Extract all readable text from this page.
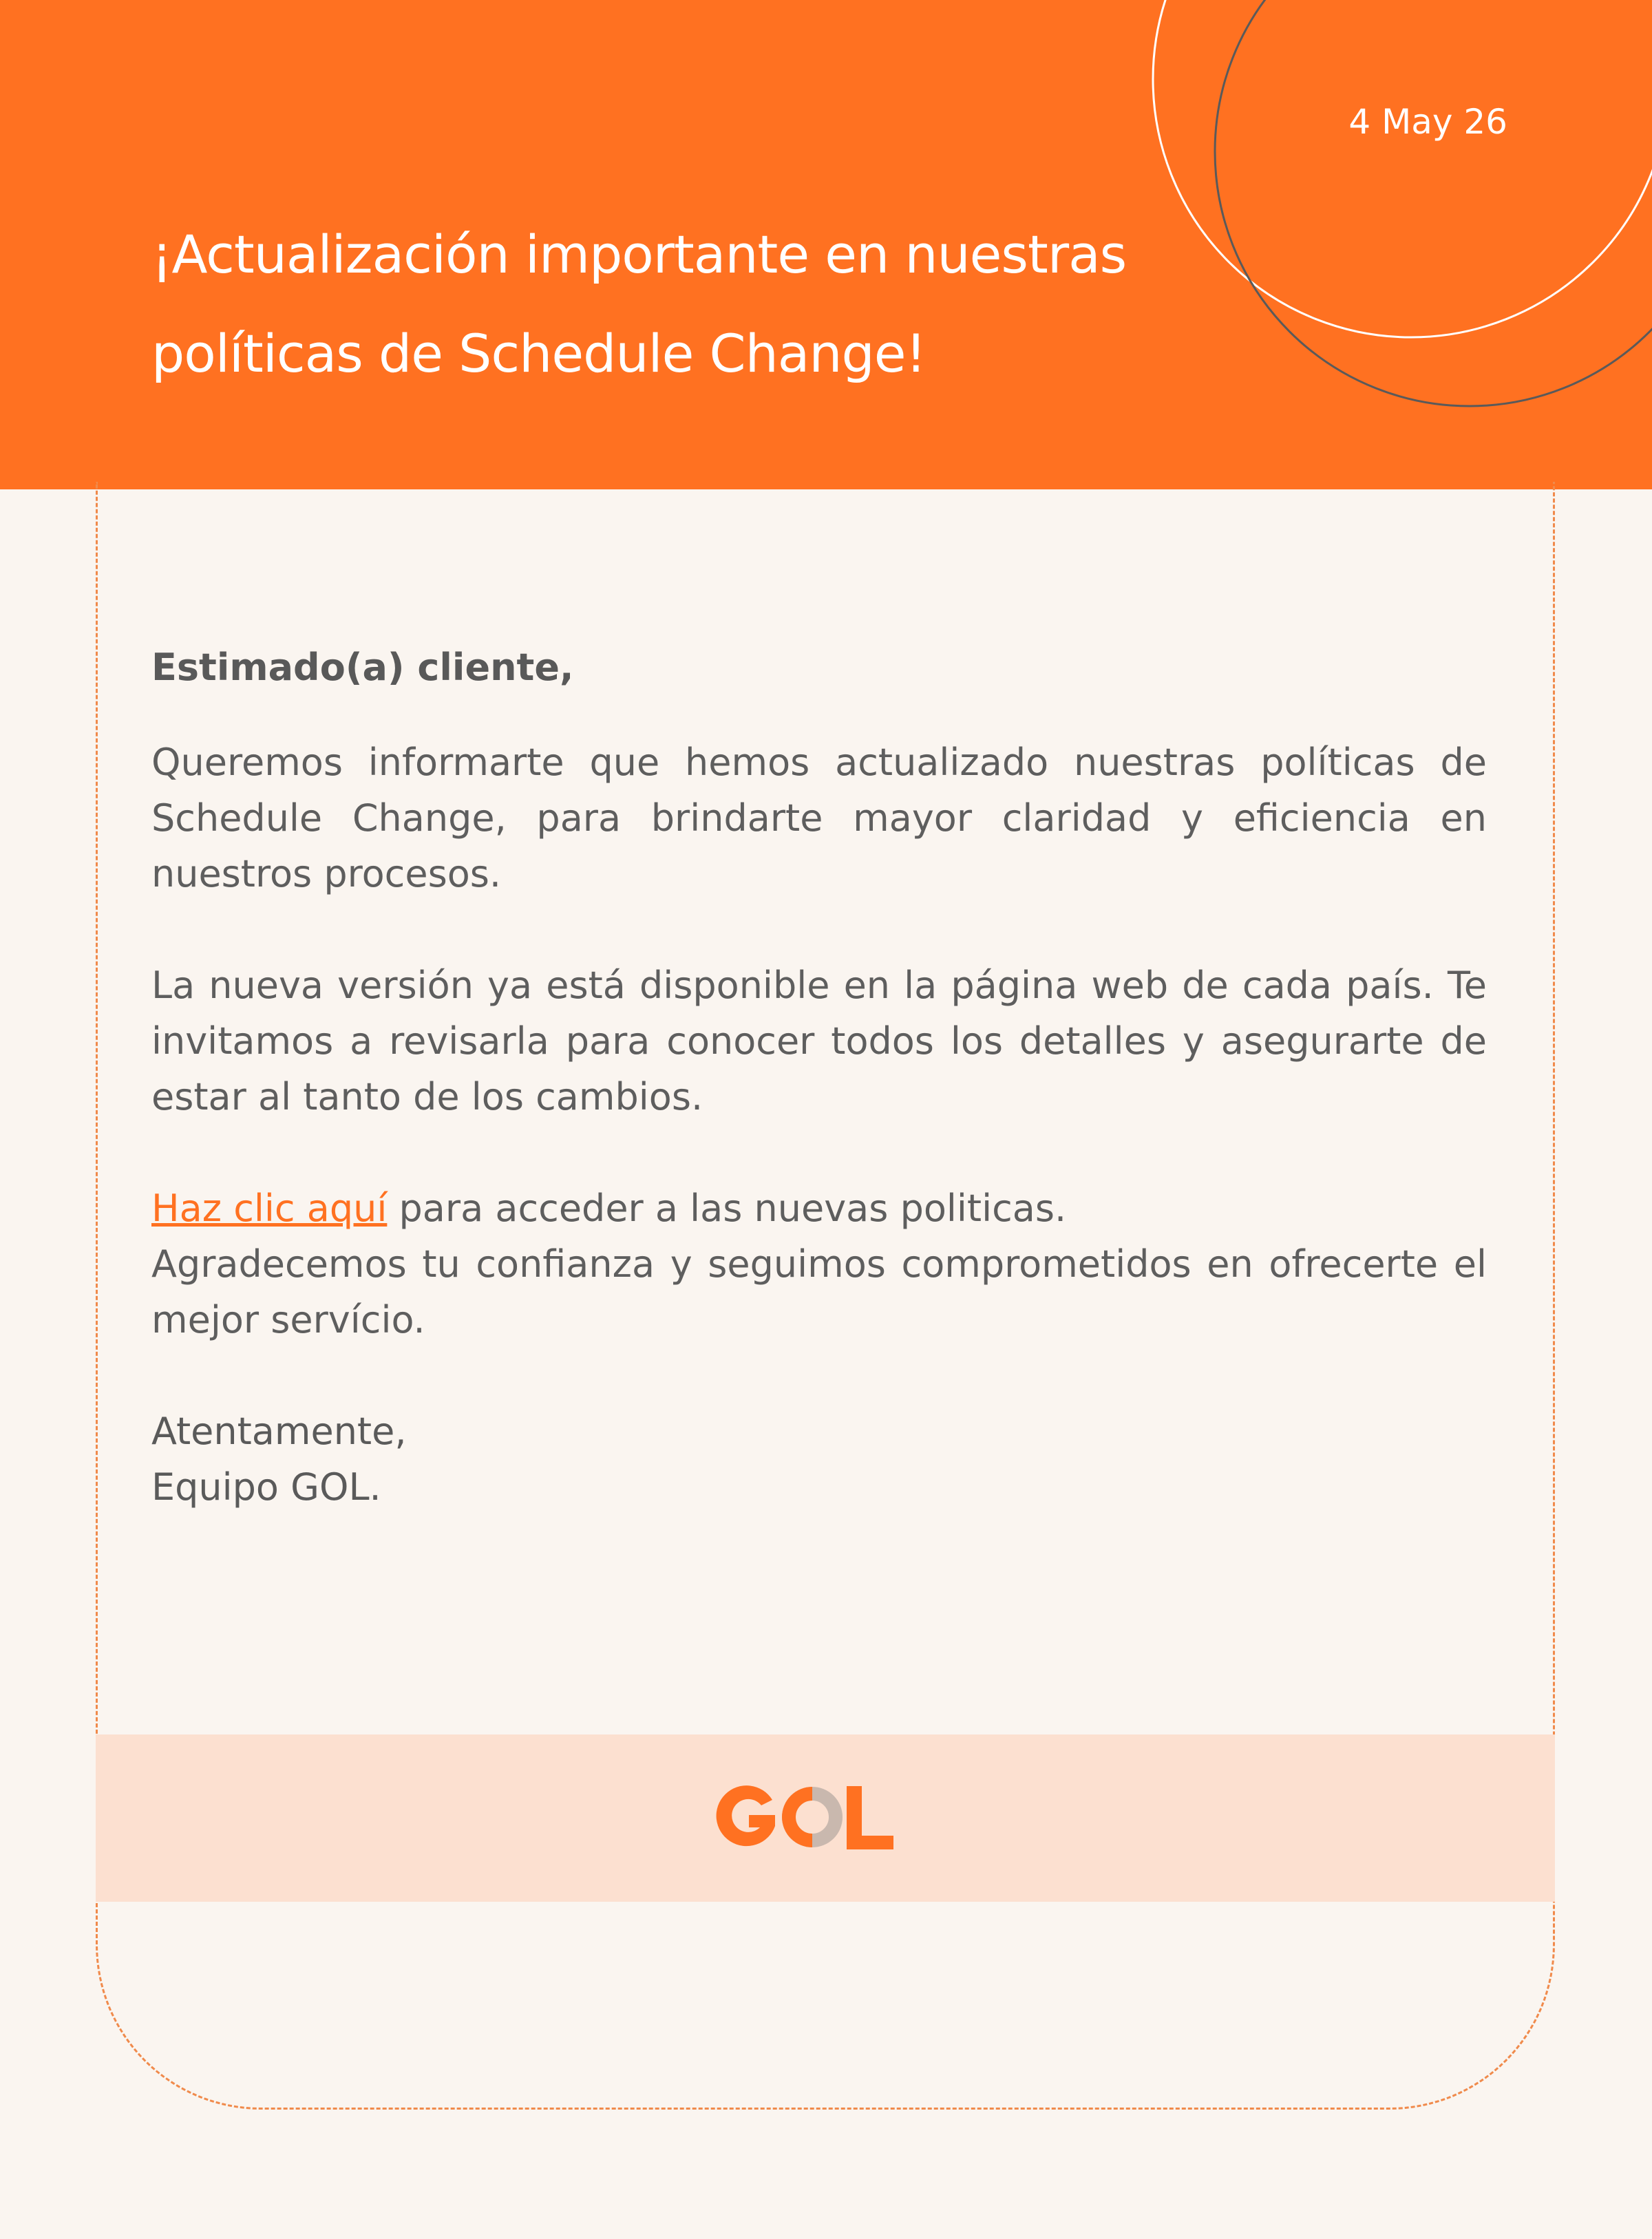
4 May 26
¡Actualización importante en nuestras
políticas de Schedule Change!

Estimado(a) cliente,

Queremos informarte que hemos actualizado nuestras políticas de Schedule Change, para brindarte mayor claridad y eficiencia en nuestros procesos.

La nueva versión ya está disponible en la página web de cada país. Te invitamos a revisarla para conocer todos los detalles y asegurarte de estar al tanto de los cambios.

Haz clic aquí para acceder a las nuevas politicas.

Agradecemos tu confianza y seguimos comprometidos en ofrecerte el mejor servício.

Atentamente,
Equipo GOL.
